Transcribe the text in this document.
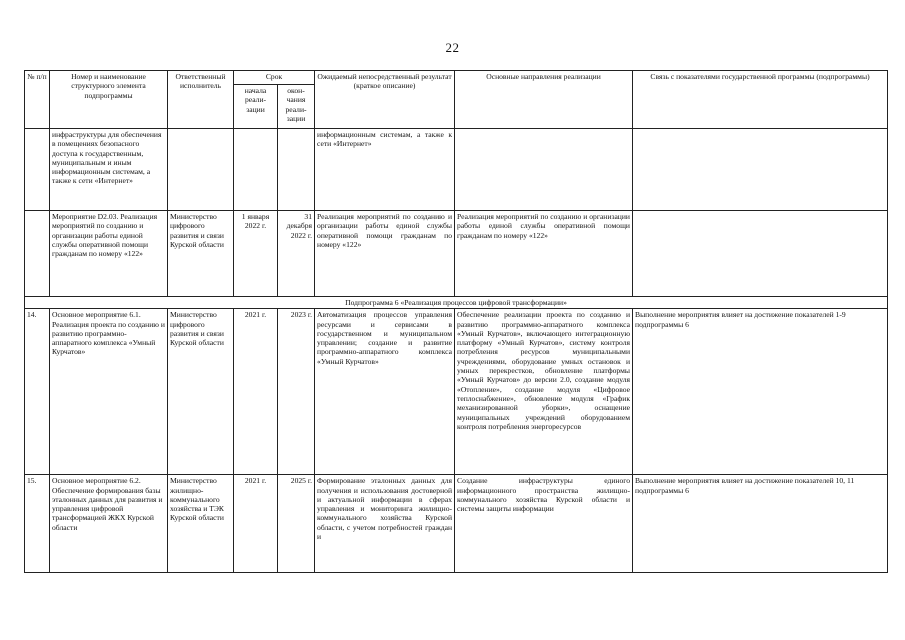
22
№ п/п	Номер и наименование структурного элемента подпрограммы	Ответственный исполнитель	Срок		Ожидаемый непосредственный результат (краткое описание)	Основные направления реализации	Связь с показателями государственной программы (подпрограммы)
			начала реали-зации	окон-чания реали-зации			
	инфраструктуры для обеспечения в помещениях безопасного доступа к государственным, муниципальным и иным информационным системам, а также к сети «Интернет»				информационным системам, а также к сети «Интернет»		
	Мероприятие D2.03. Реализация мероприятий по созданию и организации работы единой службы оперативной помощи гражданам по номеру «122»	Министерство цифрового развития и связи Курской области	1 января 2022 г.	31 декабря 2022 г.	Реализация мероприятий по созданию и организации работы единой службы оперативной помощи гражданам по номеру «122»	Реализация мероприятий по созданию и организации работы единой службы оперативной помощи гражданам по номеру «122»	
Подпрограмма 6 «Реализация процессов цифровой трансформации»							
14.	Основное мероприятие 6.1. Реализация проекта по созданию и развитию программно-аппаратного комплекса «Умный Курчатов»	Министерство цифрового развития и связи Курской области	2021 г.	2023 г.	Автоматизация процессов управления ресурсами и сервисами в государственном и муниципальном управлении; создание и развитие программно-аппаратного комплекса «Умный Курчатов»	Обеспечение реализации проекта по созданию и развитию программно-аппаратного комплекса «Умный Курчатов», включающего интеграционную платформу «Умный Курчатов», систему контроля потребления ресурсов муниципальными учреждениями, оборудование умных остановок и умных перекрестков, обновление платформы «Умный Курчатов» до версии 2.0, создание модуля «Отопление», создание модуля «Цифровое теплоснабжение», обновление модуля «График механизированной уборки», оснащение муниципальных учреждений оборудованием контроля потребления энергоресурсов	Выполнение мероприятия влияет на достижение показателей 1-9 подпрограммы 6
15.	Основное мероприятие 6.2. Обеспечение формирования базы эталонных данных для развития и управления цифровой трансформацией ЖКХ Курской области	Министерство жилищно-коммунального хозяйства и ТЭК Курской области	2021 г.	2025 г.	Формирование эталонных данных для получения и использования достоверной и актуальной информации в сферах управления и мониторинга жилищно-коммунального хозяйства Курской области, с учетом потребностей граждан и	Создание инфраструктуры единого информационного пространства жилищно-коммунального хозяйства Курской области и системы защиты информации	Выполнение мероприятия влияет на достижение показателей 10, 11 подпрограммы 6
